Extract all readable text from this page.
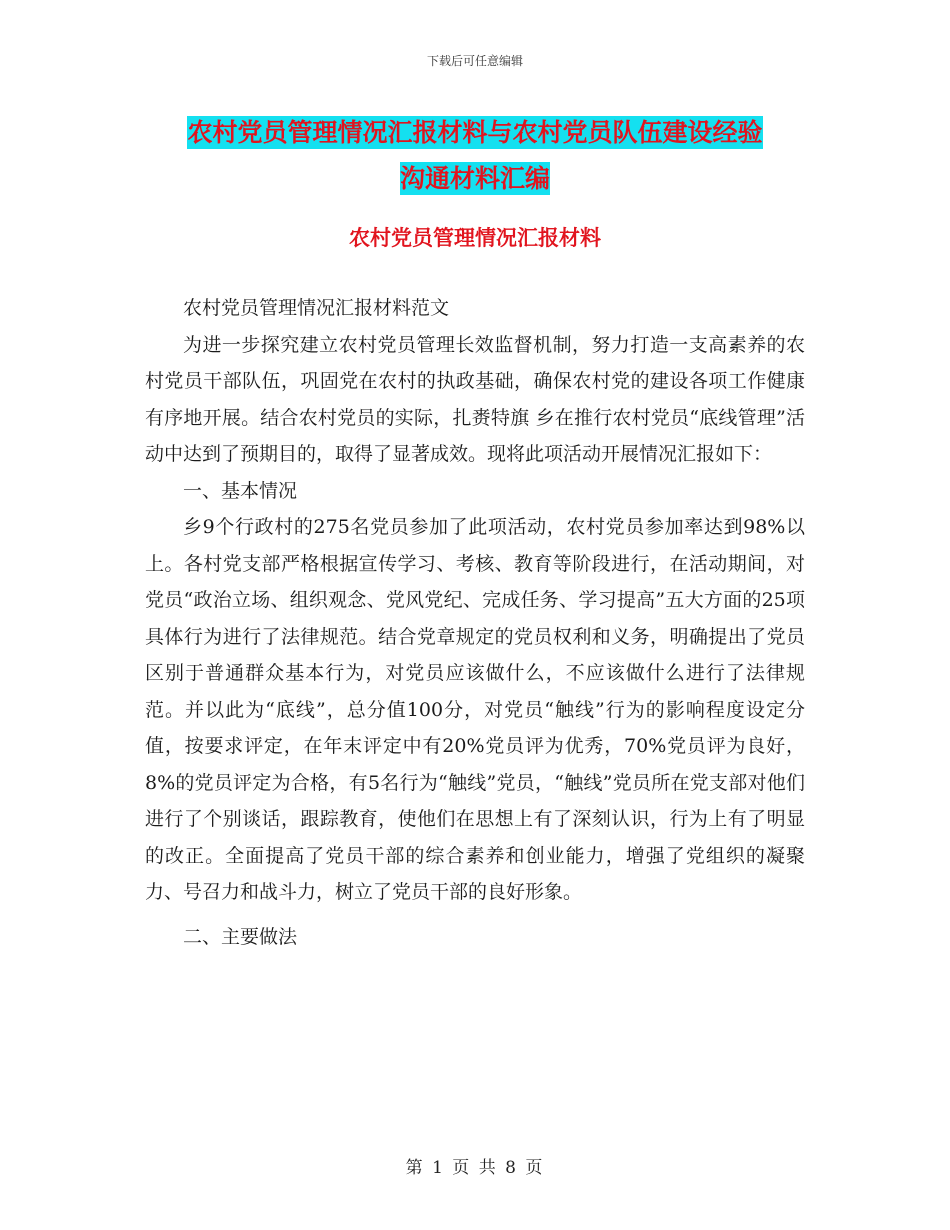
下载后可任意编辑
农村党员管理情况汇报材料与农村党员队伍建设经验
沟通材料汇编
农村党员管理情况汇报材料

农村党员管理情况汇报材料范文

为进一步探究建立农村党员管理长效监督机制，努力打造一支高素养的农村党员干部队伍，巩固党在农村的执政基础，确保农村党的建设各项工作健康有序地开展。结合农村党员的实际，扎赉特旗 乡在推行农村党员“底线管理”活动中达到了预期目的，取得了显著成效。现将此项活动开展情况汇报如下：

一、基本情况

乡9个行政村的275名党员参加了此项活动，农村党员参加率达到98%以上。各村党支部严格根据宣传学习、考核、教育等阶段进行，在活动期间，对党员“政治立场、组织观念、党风党纪、完成任务、学习提高”五大方面的25项具体行为进行了法律规范。结合党章规定的党员权利和义务，明确提出了党员区别于普通群众基本行为，对党员应该做什么，不应该做什么进行了法律规范。并以此为“底线”，总分值100分，对党员“触线”行为的影响程度设定分值，按要求评定，在年末评定中有20%党员评为优秀，70%党员评为良好，8%的党员评定为合格，有5名行为“触线”党员，“触线”党员所在党支部对他们进行了个别谈话，跟踪教育，使他们在思想上有了深刻认识，行为上有了明显的改正。全面提高了党员干部的综合素养和创业能力，增强了党组织的凝聚力、号召力和战斗力，树立了党员干部的良好形象。

二、主要做法

第 1 页 共 8 页
